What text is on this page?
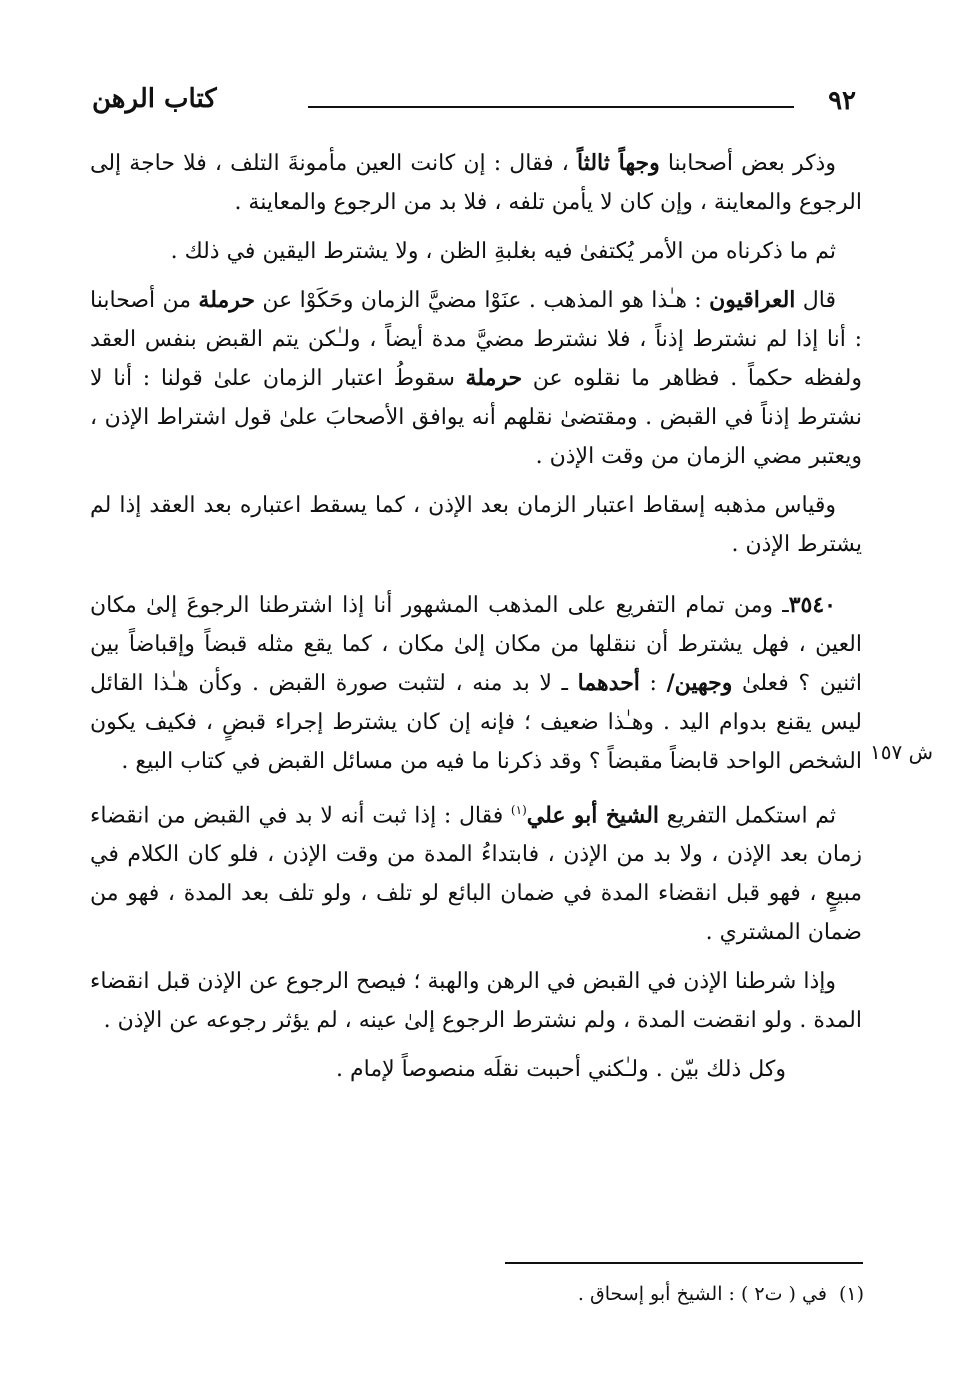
٩٢
كتاب الرهن
ش ١٥٧

وذكر بعض أصحابنا وجهاً ثالثاً ، فقال : إن كانت العين مأمونةَ التلف ، فلا حاجة إلى الرجوع والمعاينة ، وإن كان لا يأمن تلفه ، فلا بد من الرجوع والمعاينة .

ثم ما ذكرناه من الأمر يُكتفىٰ فيه بغلبةِ الظن ، ولا يشترط اليقين في ذلك .

قال العراقيون : هـٰذا هو المذهب . عنَوْا مضيَّ الزمان وحَكَوْا عن حرملة من أصحابنا : أنا إذا لم نشترط إذناً ، فلا نشترط مضيَّ مدة أيضاً ، ولـٰكن يتم القبض بنفس العقد ولفظه حكماً . فظاهر ما نقلوه عن حرملة سقوطُ اعتبار الزمان علىٰ قولنا : أنا لا نشترط إذناً في القبض . ومقتضىٰ نقلهم أنه يوافق الأصحابَ علىٰ قول اشتراط الإذن ، ويعتبر مضي الزمان من وقت الإذن .

وقياس مذهبه إسقاط اعتبار الزمان بعد الإذن ، كما يسقط اعتباره بعد العقد إذا لم يشترط الإذن .

٣٥٤٠ـ ومن تمام التفريع على المذهب المشهور أنا إذا اشترطنا الرجوعَ إلىٰ مكان العين ، فهل يشترط أن ننقلها من مكان إلىٰ مكان ، كما يقع مثله قبضاً وإقباضاً بين اثنين ؟ فعلىٰ وجهين/ : أحدهما ـ لا بد منه ، لتثبت صورة القبض . وكأن هـٰذا القائل ليس يقنع بدوام اليد . وهـٰذا ضعيف ؛ فإنه إن كان يشترط إجراء قبضٍ ، فكيف يكون الشخص الواحد قابضاً مقبضاً ؟ وقد ذكرنا ما فيه من مسائل القبض في كتاب البيع .

ثم استكمل التفريع الشيخ أبو علي$^{(١)}$ فقال : إذا ثبت أنه لا بد في القبض من انقضاء زمان بعد الإذن ، ولا بد من الإذن ، فابتداءُ المدة من وقت الإذن ، فلو كان الكلام في مبيعٍ ، فهو قبل انقضاء المدة في ضمان البائع لو تلف ، ولو تلف بعد المدة ، فهو من ضمان المشتري .

وإذا شرطنا الإذن في القبض في الرهن والهبة ؛ فيصح الرجوع عن الإذن قبل انقضاء المدة . ولو انقضت المدة ، ولم نشترط الرجوع إلىٰ عينه ، لم يؤثر رجوعه عن الإذن .

وكل ذلك بيّن . ولـٰكني أحببت نقلَه منصوصاً لإمام .

(١)في ( ت٢ ) : الشيخ أبو إسحاق .
